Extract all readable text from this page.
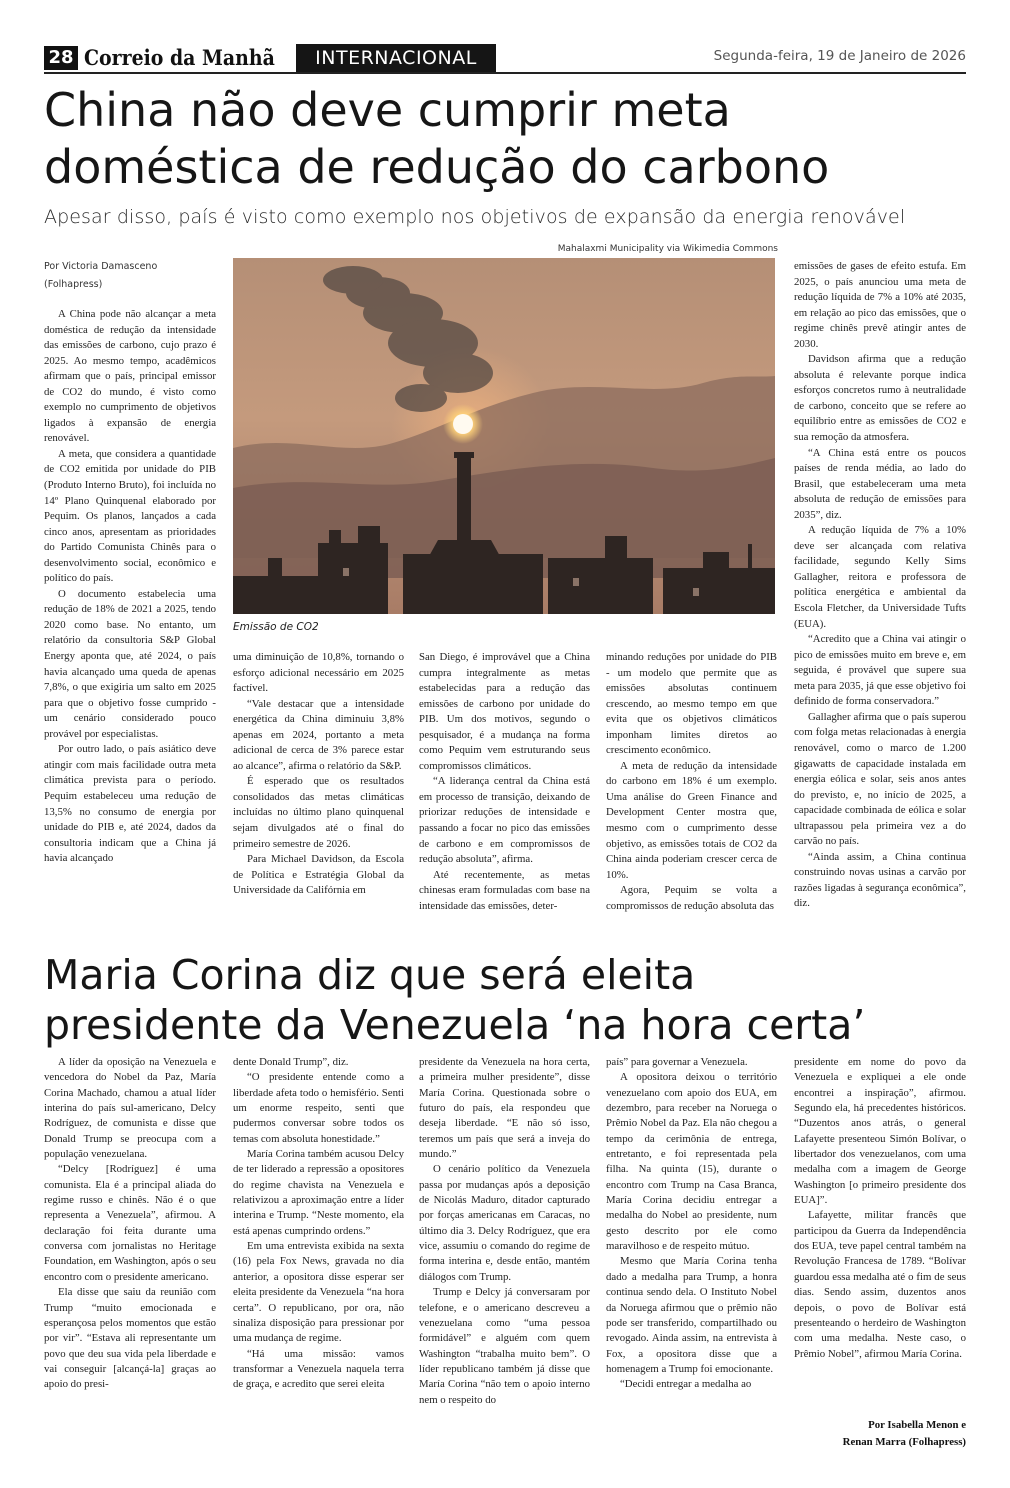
28 Correio da Manhã	INTERNACIONAL	Segunda-feira, 19 de Janeiro de 2026
China não deve cumprir meta
doméstica de redução do carbono
Apesar disso, país é visto como exemplo nos objetivos de expansão da energia renovável
Mahalaxmi Municipality via Wikimedia Commons
Por Victoria Damasceno
(Folhapress)
Emissão de CO2

A China pode não alcançar a meta doméstica de redução da intensidade das emissões de carbono, cujo prazo é 2025. Ao mesmo tempo, acadêmicos afirmam que o país, principal emissor de CO2 do mundo, é visto como exemplo no cumprimento de objetivos ligados à expansão de energia renovável.

A meta, que considera a quantidade de CO2 emitida por unidade do PIB (Produto Interno Bruto), foi incluída no 14º Plano Quinquenal elaborado por Pequim. Os planos, lançados a cada cinco anos, apresentam as prioridades do Partido Comunista Chinês para o desenvolvimento social, econômico e político do país.

O documento estabelecia uma redução de 18% de 2021 a 2025, tendo 2020 como base. No entanto, um relatório da consultoria S&P Global Energy aponta que, até 2024, o país havia alcançado uma queda de apenas 7,8%, o que exigiria um salto em 2025 para que o objetivo fosse cumprido - um cenário considerado pouco provável por especialistas.

Por outro lado, o país asiático deve atingir com mais facilidade outra meta climática prevista para o período. Pequim estabeleceu uma redução de 13,5% no consumo de energia por unidade do PIB e, até 2024, dados da consultoria indicam que a China já havia alcançado

uma diminuição de 10,8%, tornando o esforço adicional necessário em 2025 factível.

“Vale destacar que a intensidade energética da China diminuiu 3,8% apenas em 2024, portanto a meta adicional de cerca de 3% parece estar ao alcance”, afirma o relatório da S&P.

É esperado que os resultados consolidados das metas climáticas incluídas no último plano quinquenal sejam divulgados até o final do primeiro semestre de 2026.

Para Michael Davidson, da Escola de Política e Estratégia Global da Universidade da Califórnia em

San Diego, é improvável que a China cumpra integralmente as metas estabelecidas para a redução das emissões de carbono por unidade do PIB. Um dos motivos, segundo o pesquisador, é a mudança na forma como Pequim vem estruturando seus compromissos climáticos.

“A liderança central da China está em processo de transição, deixando de priorizar reduções de intensidade e passando a focar no pico das emissões de carbono e em compromissos de redução absoluta”, afirma.

Até recentemente, as metas chinesas eram formuladas com base na intensidade das emissões, deter-

minando reduções por unidade do PIB - um modelo que permite que as emissões absolutas continuem crescendo, ao mesmo tempo em que evita que os objetivos climáticos imponham limites diretos ao crescimento econômico.

A meta de redução da intensidade do carbono em 18% é um exemplo. Uma análise do Green Finance and Development Center mostra que, mesmo com o cumprimento desse objetivo, as emissões totais de CO2 da China ainda poderiam crescer cerca de 10%.

Agora, Pequim se volta a compromissos de redução absoluta das

emissões de gases de efeito estufa. Em 2025, o país anunciou uma meta de redução líquida de 7% a 10% até 2035, em relação ao pico das emissões, que o regime chinês prevê atingir antes de 2030.

Davidson afirma que a redução absoluta é relevante porque indica esforços concretos rumo à neutralidade de carbono, conceito que se refere ao equilíbrio entre as emissões de CO2 e sua remoção da atmosfera.

“A China está entre os poucos países de renda média, ao lado do Brasil, que estabeleceram uma meta absoluta de redução de emissões para 2035”, diz.

A redução líquida de 7% a 10% deve ser alcançada com relativa facilidade, segundo Kelly Sims Gallagher, reitora e professora de política energética e ambiental da Escola Fletcher, da Universidade Tufts (EUA).

“Acredito que a China vai atingir o pico de emissões muito em breve e, em seguida, é provável que supere sua meta para 2035, já que esse objetivo foi definido de forma conservadora.”

Gallagher afirma que o país superou com folga metas relacionadas à energia renovável, como o marco de 1.200 gigawatts de capacidade instalada em energia eólica e solar, seis anos antes do previsto, e, no início de 2025, a capacidade combinada de eólica e solar ultrapassou pela primeira vez a do carvão no país.

“Ainda assim, a China continua construindo novas usinas a carvão por razões ligadas à segurança econômica”, diz.

Maria Corina diz que será eleita
presidente da Venezuela ‘na hora certa’

A líder da oposição na Venezuela e vencedora do Nobel da Paz, María Corina Machado, chamou a atual líder interina do país sul-americano, Delcy Rodríguez, de comunista e disse que Donald Trump se preocupa com a população venezuelana.

“Delcy [Rodríguez] é uma comunista. Ela é a principal aliada do regime russo e chinês. Não é o que representa a Venezuela”, afirmou. A declaração foi feita durante uma conversa com jornalistas no Heritage Foundation, em Washington, após o seu encontro com o presidente americano.

Ela disse que saiu da reunião com Trump “muito emocionada e esperançosa pelos momentos que estão por vir”. “Estava ali representante um povo que deu sua vida pela liberdade e vai conseguir [alcançá-la] graças ao apoio do presi-

dente Donald Trump”, diz.

“O presidente entende como a liberdade afeta todo o hemisfério. Senti um enorme respeito, senti que pudermos conversar sobre todos os temas com absoluta honestidade.”

María Corina também acusou Delcy de ter liderado a repressão a opositores do regime chavista na Venezuela e relativizou a aproximação entre a líder interina e Trump. “Neste momento, ela está apenas cumprindo ordens.”

Em uma entrevista exibida na sexta (16) pela Fox News, gravada no dia anterior, a opositora disse esperar ser eleita presidente da Venezuela “na hora certa”. O republicano, por ora, não sinaliza disposição para pressionar por uma mudança de regime.

“Há uma missão: vamos transformar a Venezuela naquela terra de graça, e acredito que serei eleita

presidente da Venezuela na hora certa, a primeira mulher presidente”, disse María Corina. Questionada sobre o futuro do país, ela respondeu que deseja liberdade. “E não só isso, teremos um país que será a inveja do mundo.”

O cenário político da Venezuela passa por mudanças após a deposição de Nicolás Maduro, ditador capturado por forças americanas em Caracas, no último dia 3. Delcy Rodríguez, que era vice, assumiu o comando do regime de forma interina e, desde então, mantém diálogos com Trump.

Trump e Delcy já conversaram por telefone, e o americano descreveu a venezuelana como “uma pessoa formidável” e alguém com quem Washington “trabalha muito bem”. O líder republicano também já disse que María Corina “não tem o apoio interno nem o respeito do

país” para governar a Venezuela.

A opositora deixou o território venezuelano com apoio dos EUA, em dezembro, para receber na Noruega o Prêmio Nobel da Paz. Ela não chegou a tempo da cerimônia de entrega, entretanto, e foi representada pela filha. Na quinta (15), durante o encontro com Trump na Casa Branca, María Corina decidiu entregar a medalha do Nobel ao presidente, num gesto descrito por ele como maravilhoso e de respeito mútuo.

Mesmo que María Corina tenha dado a medalha para Trump, a honra continua sendo dela. O Instituto Nobel da Noruega afirmou que o prêmio não pode ser transferido, compartilhado ou revogado. Ainda assim, na entrevista à Fox, a opositora disse que a homenagem a Trump foi emocionante.

“Decidi entregar a medalha ao

presidente em nome do povo da Venezuela e expliquei a ele onde encontrei a inspiração”, afirmou. Segundo ela, há precedentes históricos. “Duzentos anos atrás, o general Lafayette presenteou Simón Bolívar, o libertador dos venezuelanos, com uma medalha com a imagem de George Washington [o primeiro presidente dos EUA]”.

Lafayette, militar francês que participou da Guerra da Independência dos EUA, teve papel central também na Revolução Francesa de 1789. “Bolívar guardou essa medalha até o fim de seus dias. Sendo assim, duzentos anos depois, o povo de Bolívar está presenteando o herdeiro de Washington com uma medalha. Neste caso, o Prêmio Nobel”, afirmou María Corina.

Por Isabella Menon e
Renan Marra (Folhapress)
